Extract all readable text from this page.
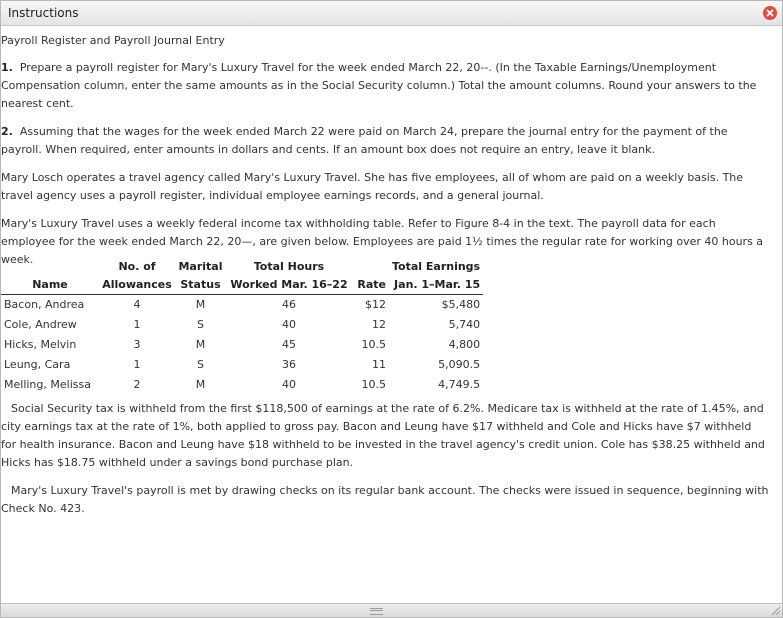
Instructions

Payroll Register and Payroll Journal Entry

1. Prepare a payroll register for Mary's Luxury Travel for the week ended March 22, 20--. (In the Taxable Earnings/Unemployment Compensation column, enter the same amounts as in the Social Security column.) Total the amount columns. Round your answers to the nearest cent.

2. Assuming that the wages for the week ended March 22 were paid on March 24, prepare the journal entry for the payment of the payroll. When required, enter amounts in dollars and cents. If an amount box does not require an entry, leave it blank.

Mary Losch operates a travel agency called Mary's Luxury Travel. She has five employees, all of whom are paid on a weekly basis. The travel agency uses a payroll register, individual employee earnings records, and a general journal.

Mary's Luxury Travel uses a weekly federal income tax withholding table. Refer to Figure 8-4 in the text. The payroll data for each employee for the week ended March 22, 20—, are given below. Employees are paid 1½ times the regular rate for working over 40 hours a week.

	No. of	Marital	Total Hours		Total Earnings
Name	Allowances	Status	Worked Mar. 16–22	Rate	Jan. 1–Mar. 15
Bacon, Andrea	4	M	46	$12	$5,480
Cole, Andrew	1	S	40	12	5,740
Hicks, Melvin	3	M	45	10.5	4,800
Leung, Cara	1	S	36	11	5,090.5
Melling, Melissa	2	M	40	10.5	4,749.5

Social Security tax is withheld from the first $118,500 of earnings at the rate of 6.2%. Medicare tax is withheld at the rate of 1.45%, and city earnings tax at the rate of 1%, both applied to gross pay. Bacon and Leung have $17 withheld and Cole and Hicks have $7 withheld for health insurance. Bacon and Leung have $18 withheld to be invested in the travel agency's credit union. Cole has $38.25 withheld and Hicks has $18.75 withheld under a savings bond purchase plan.

Mary's Luxury Travel's payroll is met by drawing checks on its regular bank account. The checks were issued in sequence, beginning with Check No. 423.
